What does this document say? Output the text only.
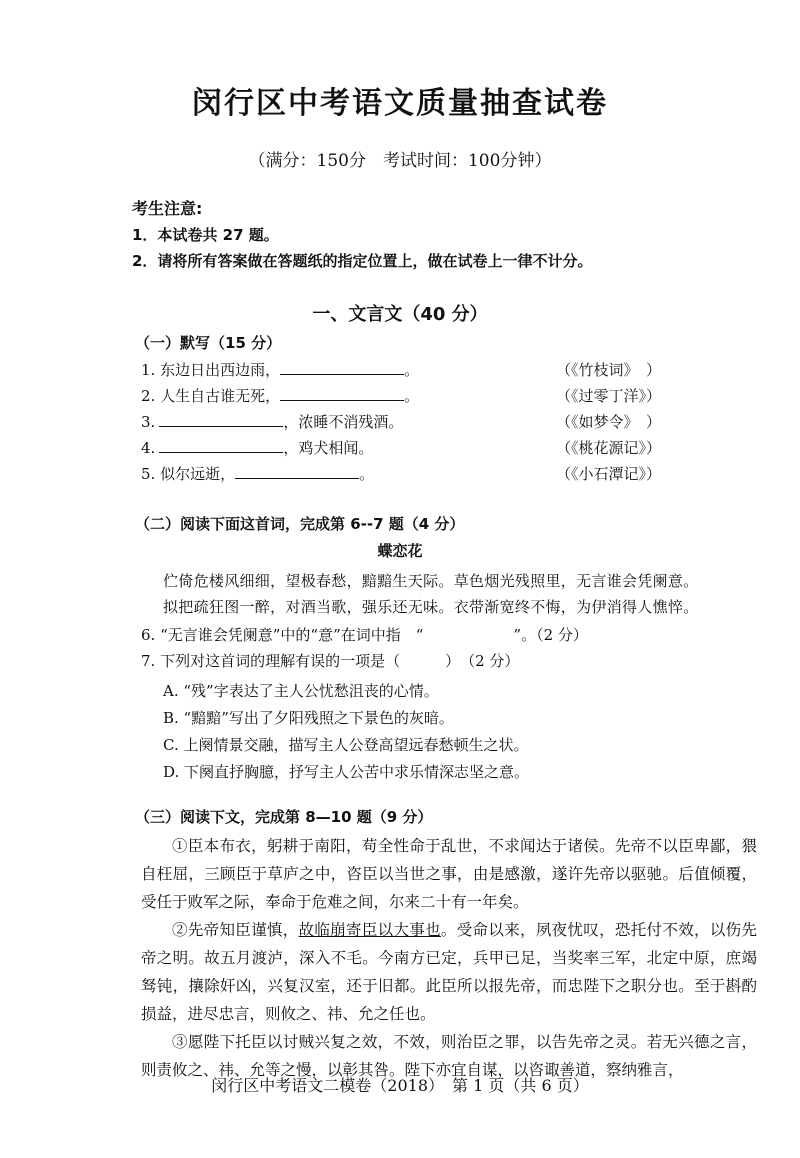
闵行区中考语文质量抽查试卷
（满分：150分　考试时间：100分钟）
考生注意:
1．本试卷共 27 题。
2．请将所有答案做在答题纸的指定位置上，做在试卷上一律不计分。
一、文言文（40 分）
（一）默写（15 分）
1. 东边日出西边雨，	。	（《竹枝词》　）
2. 人生自古谁无死，	。	（《过零丁洋》）
3.	，浓睡不消残酒。	（《如梦令》　）
4.	，鸡犬相闻。	（《桃花源记》）
5. 似尔远逝，	。	（《小石潭记》）
（二）阅读下面这首词，完成第 6--7 题（4 分）
蝶恋花
伫倚危楼风细细，望极春愁，黯黯生天际。草色烟光残照里，无言谁会凭阑意。
拟把疏狂图一醉，对酒当歌，强乐还无味。衣带渐宽终不悔，为伊消得人憔悴。
6. “无言谁会凭阑意”中的“意”在词中指　“　　　　　　”。（2 分）
7. 下列对这首词的理解有误的一项是（　　　）　（2 分）
A. “残”字表达了主人公忧愁沮丧的心情。
B. “黯黯”写出了夕阳残照之下景色的灰暗。
C. 上阕情景交融，描写主人公登高望远春愁顿生之状。
D. 下阕直抒胸臆，抒写主人公苦中求乐情深志坚之意。
（三）阅读下文，完成第 8—10 题（9 分）

①臣本布衣，躬耕于南阳，苟全性命于乱世，不求闻达于诸侯。先帝不以臣卑鄙，猥自枉屈，三顾臣于草庐之中，咨臣以当世之事，由是感激，遂许先帝以驱驰。后值倾覆，受任于败军之际，奉命于危难之间，尔来二十有一年矣。

②先帝知臣谨慎，故临崩寄臣以大事也。受命以来，夙夜忧叹，恐托付不效，以伤先帝之明。故五月渡泸，深入不毛。今南方已定，兵甲已足，当奖率三军，北定中原，庶竭驽钝，攘除奸凶，兴复汉室，还于旧都。此臣所以报先帝，而忠陛下之职分也。至于斟酌损益，进尽忠言，则攸之、祎、允之任也。

③愿陛下托臣以讨贼兴复之效，不效，则治臣之罪，以告先帝之灵。若无兴德之言，则责攸之、祎、允等之慢，以彰其咎。陛下亦宜自谋，以咨诹善道，察纳雅言，

闵行区中考语文二模卷（2018）　第 1 页（共 6 页）
